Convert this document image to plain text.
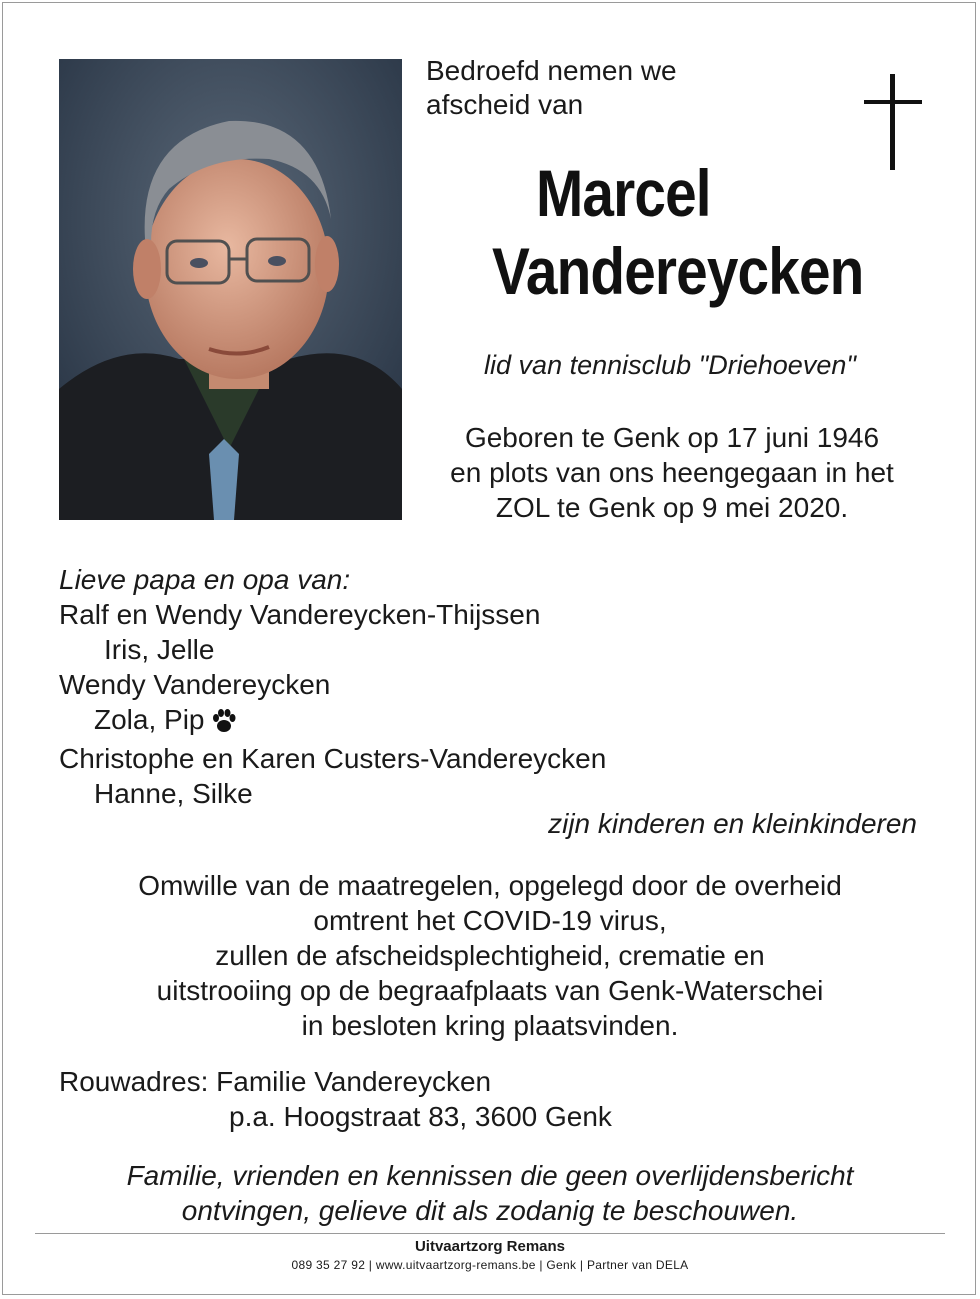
Bedroefd nemen we
afscheid van
Marcel
Vandereycken
lid van tennisclub "Driehoeven"
Geboren te Genk op 17 juni 1946
en plots van ons heengegaan in het
ZOL te Genk op 9 mei 2020.
Lieve papa en opa van:
Ralf en Wendy Vandereycken-Thijssen
Iris, Jelle
Wendy Vandereycken
Zola, Pip
Christophe en Karen Custers-Vandereycken
Hanne, Silke
zijn kinderen en kleinkinderen
Omwille van de maatregelen, opgelegd door de overheid
omtrent het COVID-19 virus,
zullen de afscheidsplechtigheid, crematie en
uitstrooiing op de begraafplaats van Genk-Waterschei
in besloten kring plaatsvinden.
Rouwadres: Familie Vandereycken
p.a. Hoogstraat 83, 3600 Genk
Familie, vrienden en kennissen die geen overlijdensbericht
ontvingen, gelieve dit als zodanig te beschouwen.
Uitvaartzorg Remans
089 35 27 92 | www.uitvaartzorg-remans.be | Genk | Partner van DELA
